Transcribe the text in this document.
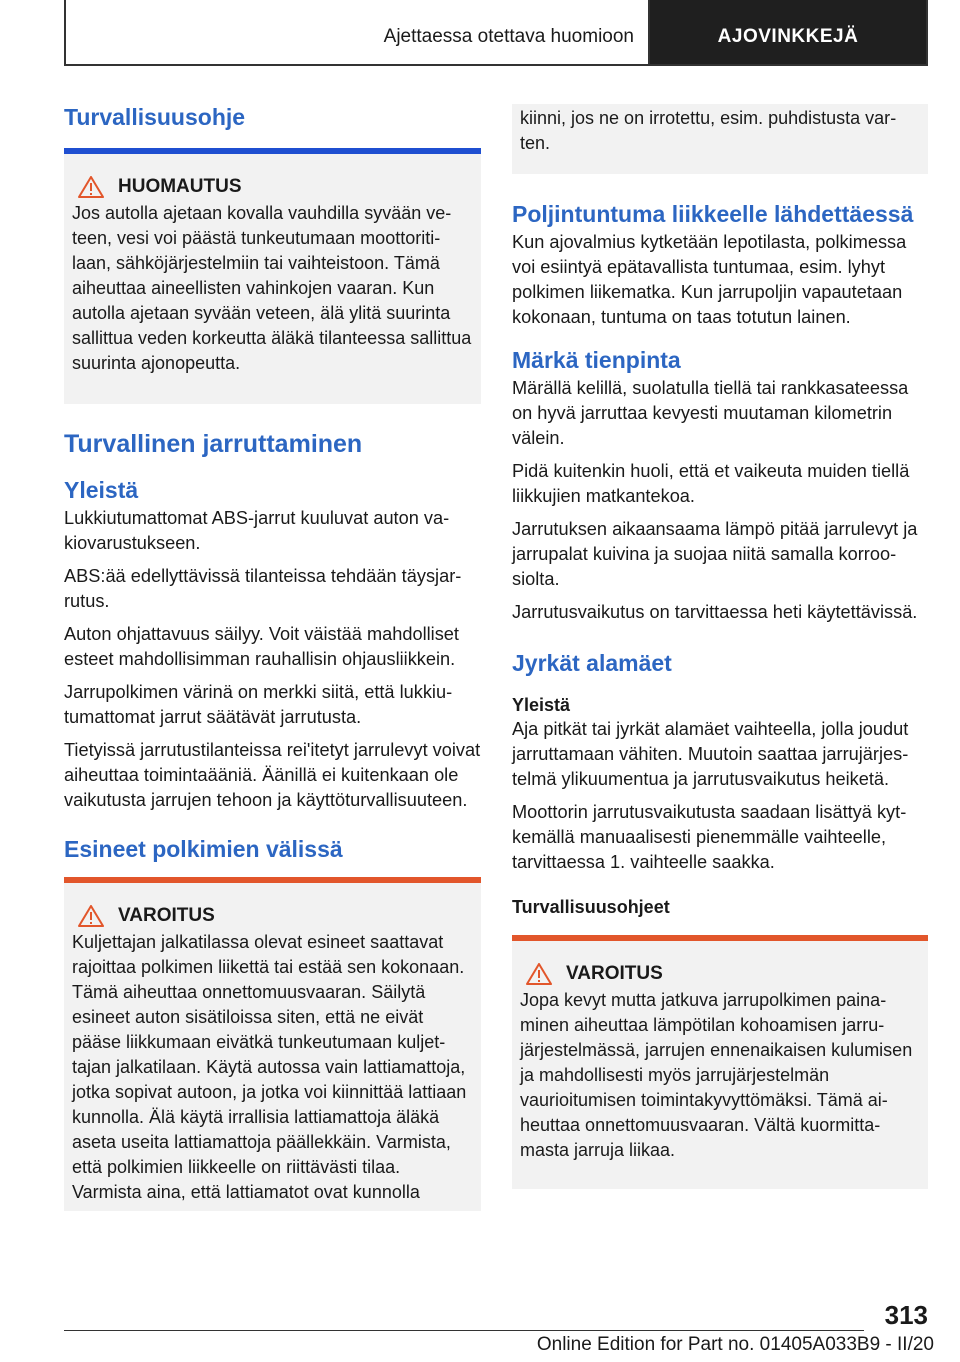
Ajettaessa otettava huomioon	AJOVINKKEJÄ
Turvallisuusohje
HUOMAUTUS
Jos autolla ajetaan kovalla vauhdilla syvään veteen, vesi voi päästä tunkeutumaan moottoritilaan, sähköjärjestelmiin tai vaihteistoon. Tämä aiheuttaa aineellisten vahinkojen vaaran. Kun autolla ajetaan syvään veteen, älä ylitä suurinta sallittua veden korkeutta äläkä tilanteessa sallittua suurinta ajonopeutta.
Turvallinen jarruttaminen
Yleistä

Lukkiutumattomat ABS-jarrut kuuluvat auton vakiovarustukseen.

ABS:ää edellyttävissä tilanteissa tehdään täysjarrutus.

Auton ohjattavuus säilyy. Voit väistää mahdolliset esteet mahdollisimman rauhallisin ohjausliikkein.

Jarrupolkimen värinä on merkki siitä, että lukkiutumattomat jarrut säätävät jarrutusta.

Tietyissä jarrutustilanteissa rei'itetyt jarrulevyt voivat aiheuttaa toimintaääniä. Äänillä ei kuitenkaan ole vaikutusta jarrujen tehoon ja käyttöturvallisuuteen.

Esineet polkimien välissä
VAROITUS
Kuljettajan jalkatilassa olevat esineet saattavat rajoittaa polkimen liikettä tai estää sen kokonaan. Tämä aiheuttaa onnettomuusvaaran. Säilytä esineet auton sisätiloissa siten, että ne eivät pääse liikkumaan eivätkä tunkeutumaan kuljettajan jalkatilaan. Käytä autossa vain lattiamattoja, jotka sopivat autoon, ja jotka voi kiinnittää lattiaan kunnolla. Älä käytä irrallisia lattiamattoja äläkä aseta useita lattiamattoja päällekkäin. Varmista, että polkimien liikkeelle on riittävästi tilaa. Varmista aina, että lattiamatot ovat kunnolla
kiinni, jos ne on irrotettu, esim. puhdistusta varten.
Poljintuntuma liikkeelle lähdettäessä

Kun ajovalmius kytketään lepotilasta, polkimessa voi esiintyä epätavallista tuntumaa, esim. lyhyt polkimen liikematka. Kun jarrupoljin vapautetaan kokonaan, tuntuma on taas totutun lainen.

Märkä tienpinta

Märällä kelillä, suolatulla tiellä tai rankkasateessa on hyvä jarruttaa kevyesti muutaman kilometrin välein.

Pidä kuitenkin huoli, että et vaikeuta muiden tiellä liikkujien matkantekoa.

Jarrutuksen aikaansaama lämpö pitää jarrulevyt ja jarrupalat kuivina ja suojaa niitä samalla korroosiolta.

Jarrutusvaikutus on tarvittaessa heti käytettävissä.

Jyrkät alamäet
Yleistä

Aja pitkät tai jyrkät alamäet vaihteella, jolla joudut jarruttamaan vähiten. Muutoin saattaa jarrujärjestelmä ylikuumentua ja jarrutusvaikutus heiketä.

Moottorin jarrutusvaikutusta saadaan lisättyä kytkemällä manuaalisesti pienemmälle vaihteelle, tarvittaessa 1. vaihteelle saakka.

Turvallisuusohjeet
VAROITUS
Jopa kevyt mutta jatkuva jarrupolkimen painaminen aiheuttaa lämpötilan kohoamisen jarrujärjestelmässä, jarrujen ennenaikaisen kulumisen ja mahdollisesti myös jarrujärjestelmän vaurioitumisen toimintakyvyttömäksi. Tämä aiheuttaa onnettomuusvaaran. Vältä kuormittamasta jarruja liikaa.
313
Online Edition for Part no. 01405A033B9 - II/20
